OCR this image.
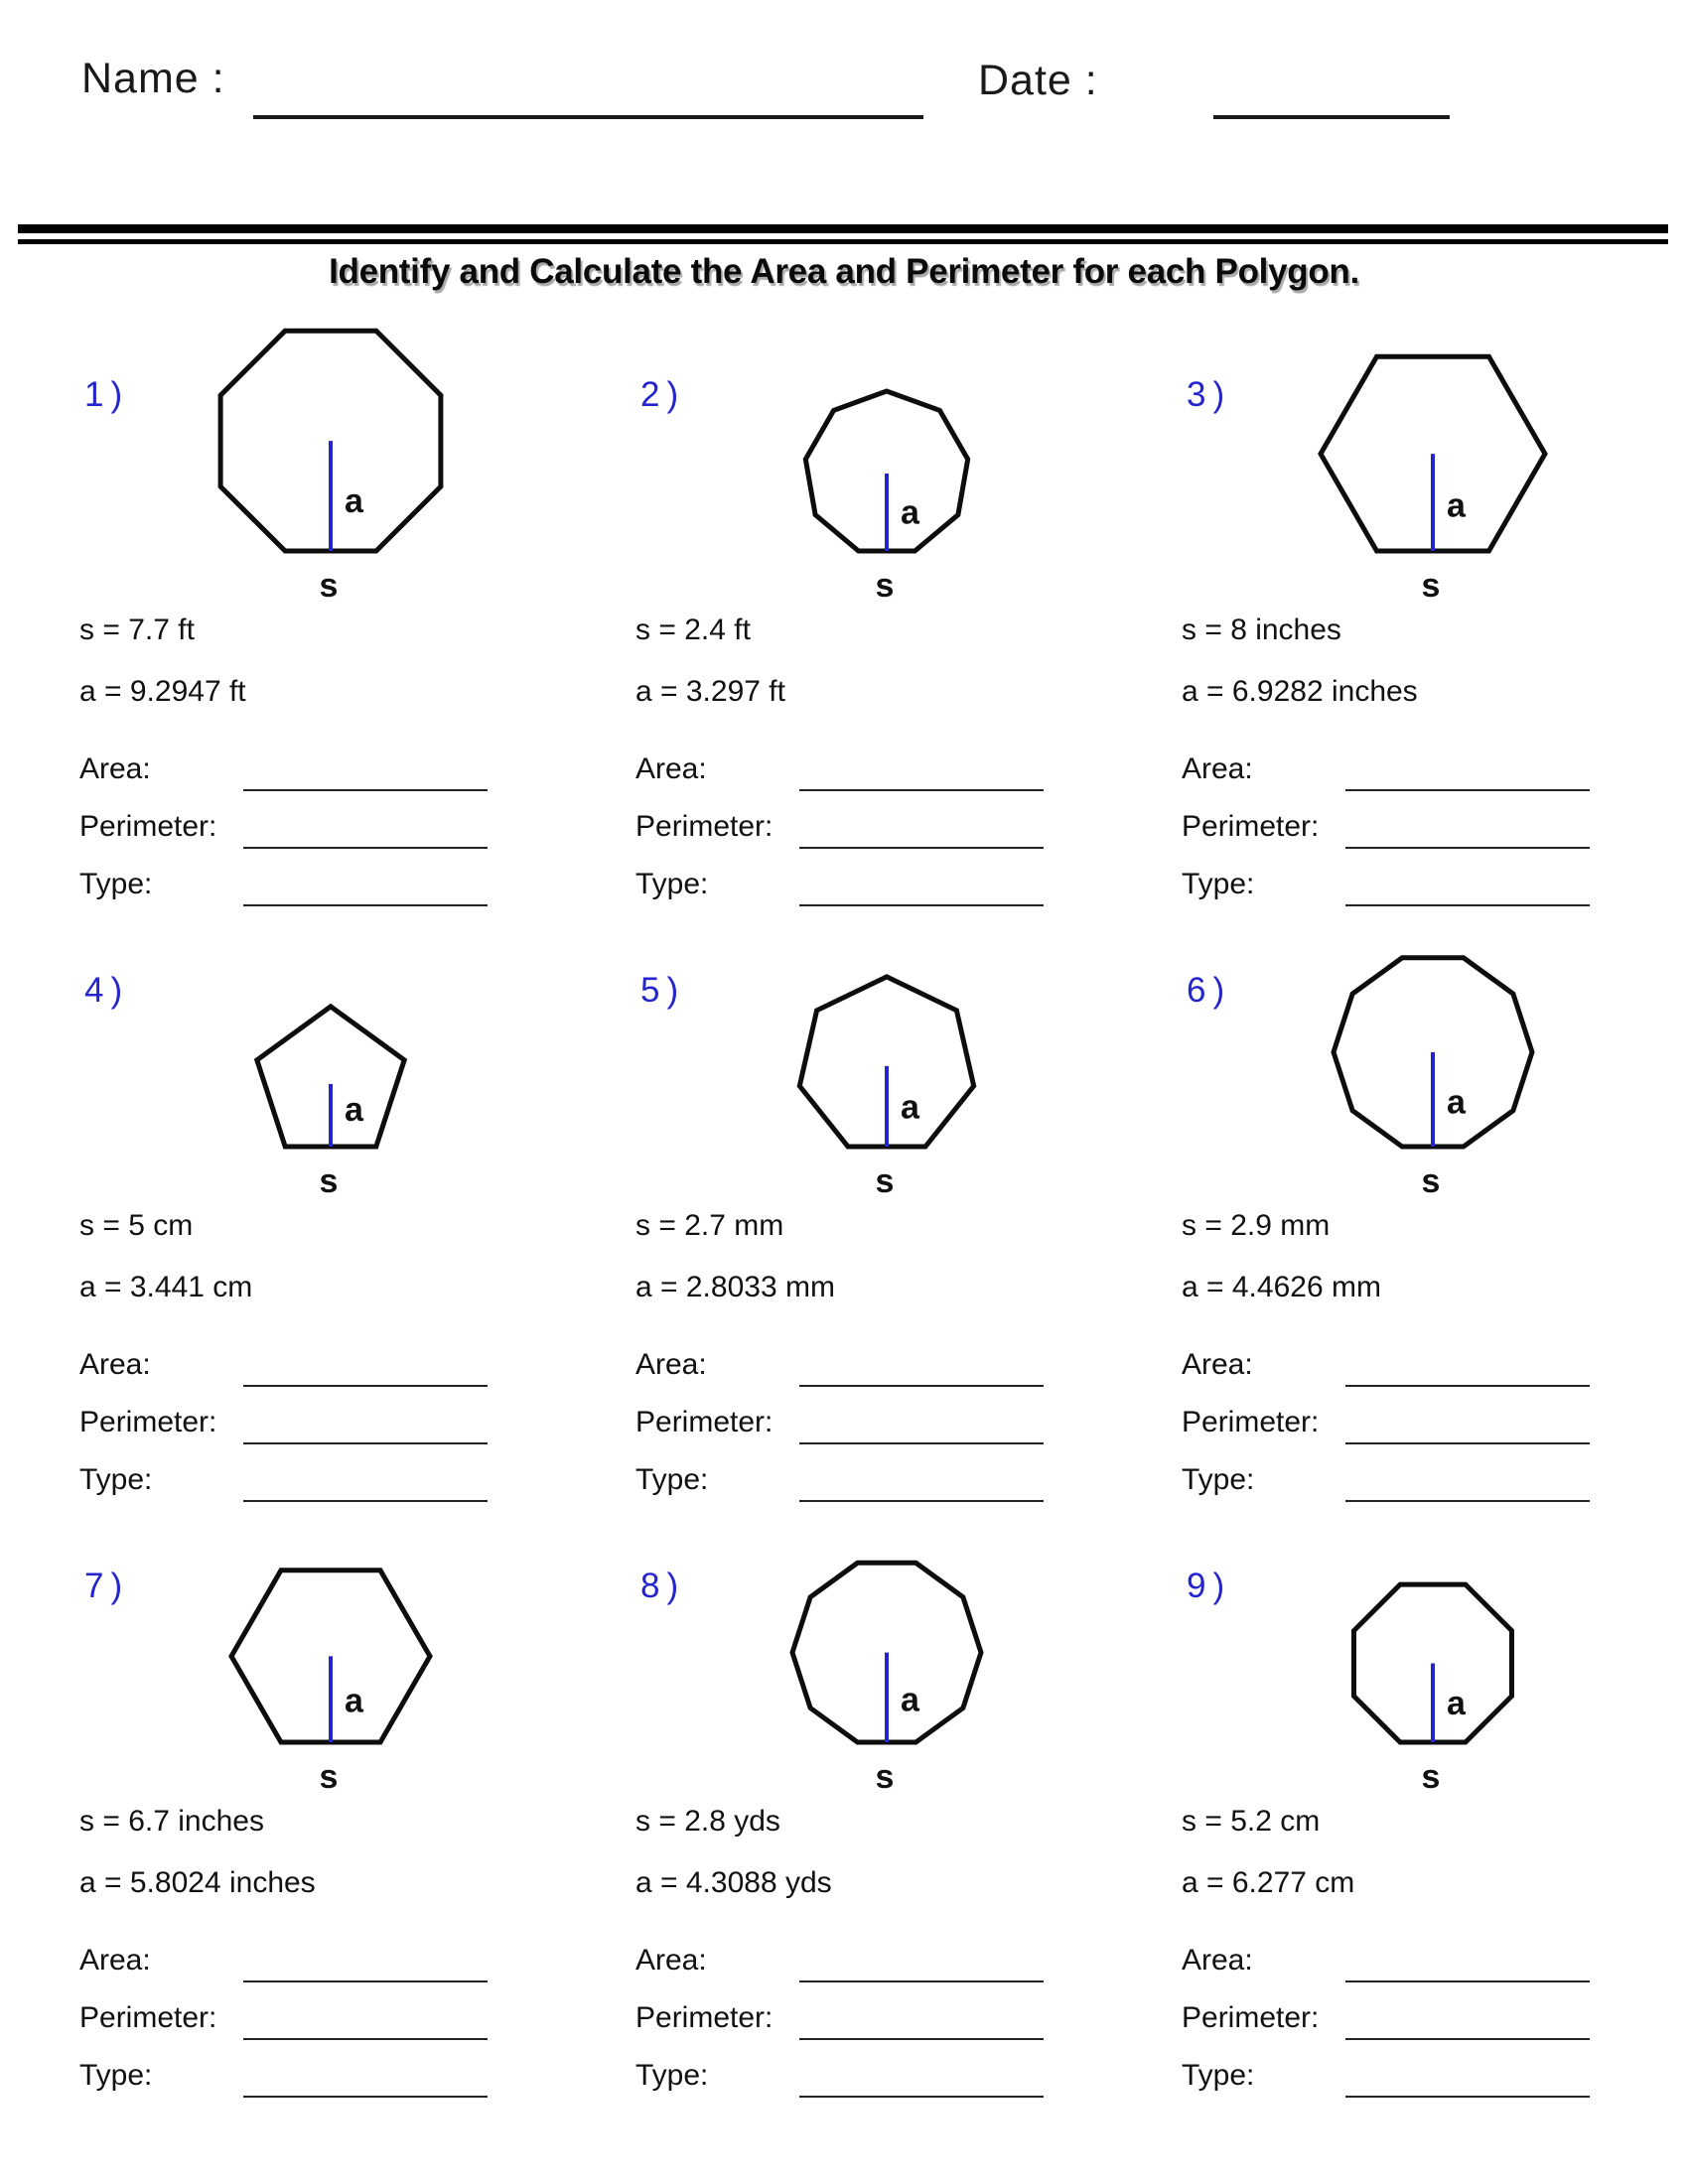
Name :	Date :
Identify and Calculate the Area and Perimeter for each Polygon.
1)
a
s
s = 7.7 ft
a = 9.2947 ft
Area:
Perimeter:
Type:
2)
a
s
s = 2.4 ft
a = 3.297 ft
Area:
Perimeter:
Type:
3)
a
s
s = 8 inches
a = 6.9282 inches
Area:
Perimeter:
Type:
4)
a
s
s = 5 cm
a = 3.441 cm
Area:
Perimeter:
Type:
5)
a
s
s = 2.7 mm
a = 2.8033 mm
Area:
Perimeter:
Type:
6)
a
s
s = 2.9 mm
a = 4.4626 mm
Area:
Perimeter:
Type:
7)
a
s
s = 6.7 inches
a = 5.8024 inches
Area:
Perimeter:
Type:
8)
a
s
s = 2.8 yds
a = 4.3088 yds
Area:
Perimeter:
Type:
9)
a
s
s = 5.2 cm
a = 6.277 cm
Area:
Perimeter:
Type:
